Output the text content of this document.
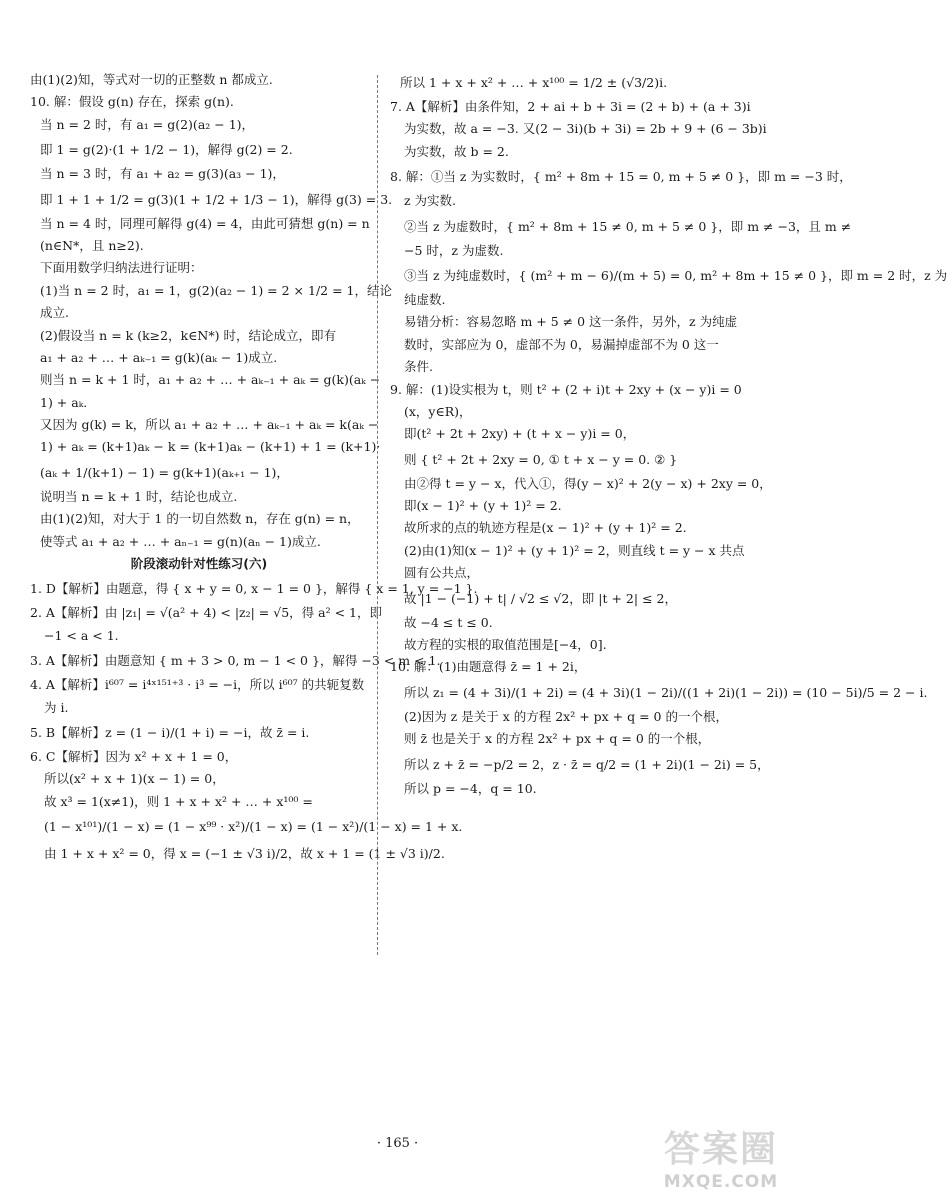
由(1)(2)知，等式对一切的正整数 n 都成立.
10. 解：假设 g(n) 存在，探索 g(n).
当 n = 2 时，有 a₁ = g(2)(a₂ − 1)，
即 1 = g(2)·(1 + 1/2 − 1)，解得 g(2) = 2.
当 n = 3 时，有 a₁ + a₂ = g(3)(a₃ − 1)，
即 1 + 1 + 1/2 = g(3)(1 + 1/2 + 1/3 − 1)，解得 g(3) = 3.
当 n = 4 时，同理可解得 g(4) = 4，由此可猜想 g(n) = n
(n∈N*，且 n≥2).
下面用数学归纳法进行证明：
(1)当 n = 2 时，a₁ = 1，g(2)(a₂ − 1) = 2 × 1/2 = 1，结论
成立.
(2)假设当 n = k (k≥2，k∈N*) 时，结论成立，即有
a₁ + a₂ + … + aₖ₋₁ = g(k)(aₖ − 1)成立.
则当 n = k + 1 时，a₁ + a₂ + … + aₖ₋₁ + aₖ = g(k)(aₖ −
1) + aₖ.
又因为 g(k) = k，所以 a₁ + a₂ + … + aₖ₋₁ + aₖ = k(aₖ −
1) + aₖ = (k+1)aₖ − k = (k+1)aₖ − (k+1) + 1 = (k+1)·
(aₖ + 1/(k+1) − 1) = g(k+1)(aₖ₊₁ − 1)，
说明当 n = k + 1 时，结论也成立.
由(1)(2)知，对大于 1 的一切自然数 n，存在 g(n) = n，
使等式 a₁ + a₂ + … + aₙ₋₁ = g(n)(aₙ − 1)成立.
阶段滚动针对性练习(六)
1. D【解析】由题意，得 { x + y = 0, x − 1 = 0 }，解得 { x = 1, y = −1 }.
2. A【解析】由 |z₁| = √(a² + 4) < |z₂| = √5，得 a² < 1，即
−1 < a < 1.
3. A【解析】由题意知 { m + 3 > 0, m − 1 < 0 }，解得 −3 < m < 1.
4. A【解析】i⁶⁰⁷ = i⁴ˣ¹⁵¹⁺³ · i³ = −i，所以 i⁶⁰⁷ 的共轭复数
为 i.
5. B【解析】z = (1 − i)/(1 + i) = −i，故 z̄ = i.
6. C【解析】因为 x² + x + 1 = 0，
所以(x² + x + 1)(x − 1) = 0，
故 x³ = 1(x≠1)，则 1 + x + x² + … + x¹⁰⁰ =
(1 − x¹⁰¹)/(1 − x) = (1 − x⁹⁹ · x²)/(1 − x) = (1 − x²)/(1 − x) = 1 + x.
由 1 + x + x² = 0，得 x = (−1 ± √3 i)/2，故 x + 1 = (1 ± √3 i)/2.
所以 1 + x + x² + … + x¹⁰⁰ = 1/2 ± (√3/2)i.
7. A【解析】由条件知，2 + ai + b + 3i = (2 + b) + (a + 3)i
为实数，故 a = −3. 又(2 − 3i)(b + 3i) = 2b + 9 + (6 − 3b)i
为实数，故 b = 2.
8. 解：①当 z 为实数时，{ m² + 8m + 15 = 0, m + 5 ≠ 0 }，即 m = −3 时，
z 为实数.
②当 z 为虚数时，{ m² + 8m + 15 ≠ 0, m + 5 ≠ 0 }，即 m ≠ −3，且 m ≠
−5 时，z 为虚数.
③当 z 为纯虚数时，{ (m² + m − 6)/(m + 5) = 0, m² + 8m + 15 ≠ 0 }，即 m = 2 时，z 为
纯虚数.
易错分析：容易忽略 m + 5 ≠ 0 这一条件，另外，z 为纯虚
数时，实部应为 0，虚部不为 0，易漏掉虚部不为 0 这一
条件.
9. 解：(1)设实根为 t，则 t² + (2 + i)t + 2xy + (x − y)i = 0
(x，y∈R)，
即(t² + 2t + 2xy) + (t + x − y)i = 0，
则 { t² + 2t + 2xy = 0, ① t + x − y = 0. ② }
由②得 t = y − x，代入①，得(y − x)² + 2(y − x) + 2xy = 0，
即(x − 1)² + (y + 1)² = 2.
故所求的点的轨迹方程是(x − 1)² + (y + 1)² = 2.
(2)由(1)知(x − 1)² + (y + 1)² = 2，则直线 t = y − x 共点
圆有公共点，
故 |1 − (−1) + t| / √2 ≤ √2，即 |t + 2| ≤ 2，
故 −4 ≤ t ≤ 0.
故方程的实根的取值范围是[−4，0].
10. 解：(1)由题意得 z̄ = 1 + 2i，
所以 z₁ = (4 + 3i)/(1 + 2i) = (4 + 3i)(1 − 2i)/((1 + 2i)(1 − 2i)) = (10 − 5i)/5 = 2 − i.
(2)因为 z 是关于 x 的方程 2x² + px + q = 0 的一个根，
则 z̄ 也是关于 x 的方程 2x² + px + q = 0 的一个根，
所以 z + z̄ = −p/2 = 2，z · z̄ = q/2 = (1 + 2i)(1 − 2i) = 5，
所以 p = −4，q = 10.
· 165 ·	答案圈
MXQE.COM
